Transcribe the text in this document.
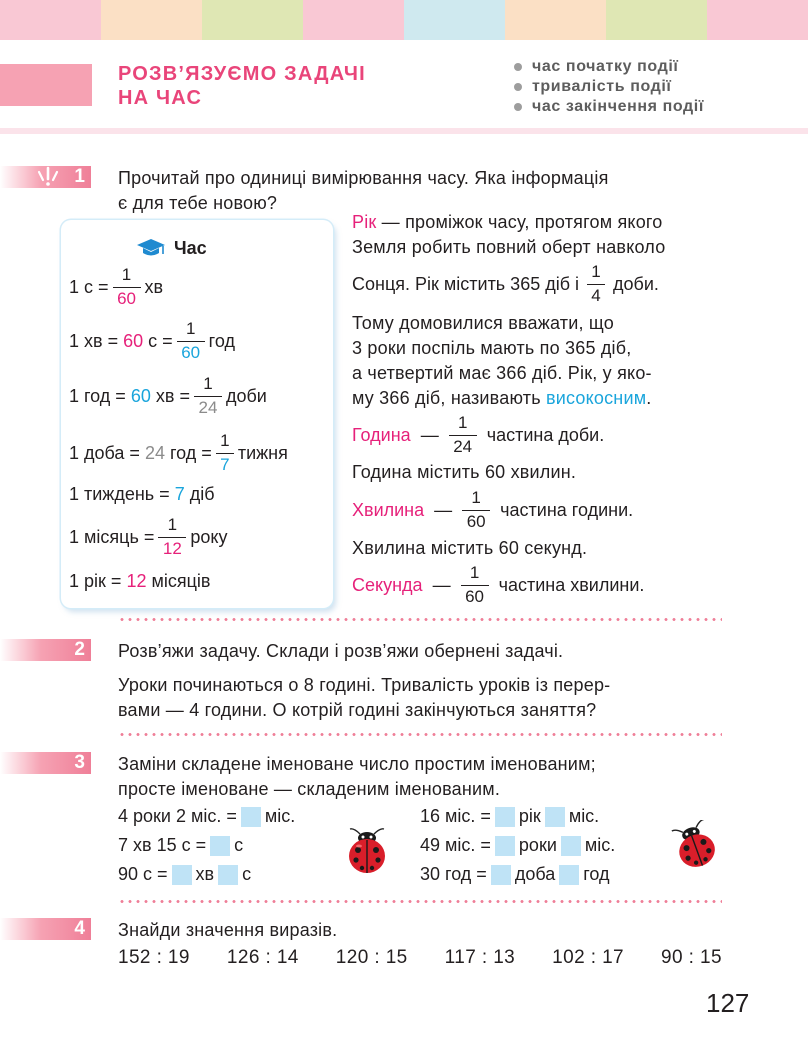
РОЗВ’ЯЗУЄМО ЗАДАЧІ
НА ЧАС
час початку події
тривалість події
час закінчення події
1 Прочитай про одиниці вимірювання часу. Яка інформація
є для тебе новою?
Час
1 $с = \frac{1}{60}$ хв
1 хв =
60
$с = \frac{1}{60}$ год
1 год =
60
хв = $\frac{1}{24}$ доби
1 доба =
24
год = $\frac{1}{7}$ тижня
1 тиждень =
7
діб
1 місяць = $\frac{1}{12}$ року
1 рік =
12
місяців
Рік — проміжок часу, протягом якого
Земля робить повний оберт навколо
Сонця. Рік містить 365 діб і $\frac{1}{4}$ доби.
Тому домовилися вважати, що
3 роки поспіль мають по 365 діб,
а четвертий має 366 діб. Рік, у яко-
му 366 діб, називають високосним.
Година
— $\frac{1}{24}$ частина доби.
Година містить 60 хвилин.
Хвилина
— $\frac{1}{60}$ частина години.
Хвилина містить 60 секунд.
Секунда
— $\frac{1}{60}$ частина хвилини.
2 Розв’яжи задачу. Склади і розв’яжи обернені задачі.
Уроки починаються о 8 годині. Тривалість уроків із перер-
вами — 4 години. О котрій годині закінчуються заняття?
3 Заміни складене іменоване число простим іменованим;
просте іменоване — складеним іменованим.
4 роки 2 міс. = міс.
7 хв 15 с = с
90 с = хв с
16 міс. = рік міс.
49 міс. = роки міс.
30 год = доба год
4 Знайди значення виразів.
152 : 19 126 : 14 120 : 15 117 : 13 102 : 17 90 : 15
127
